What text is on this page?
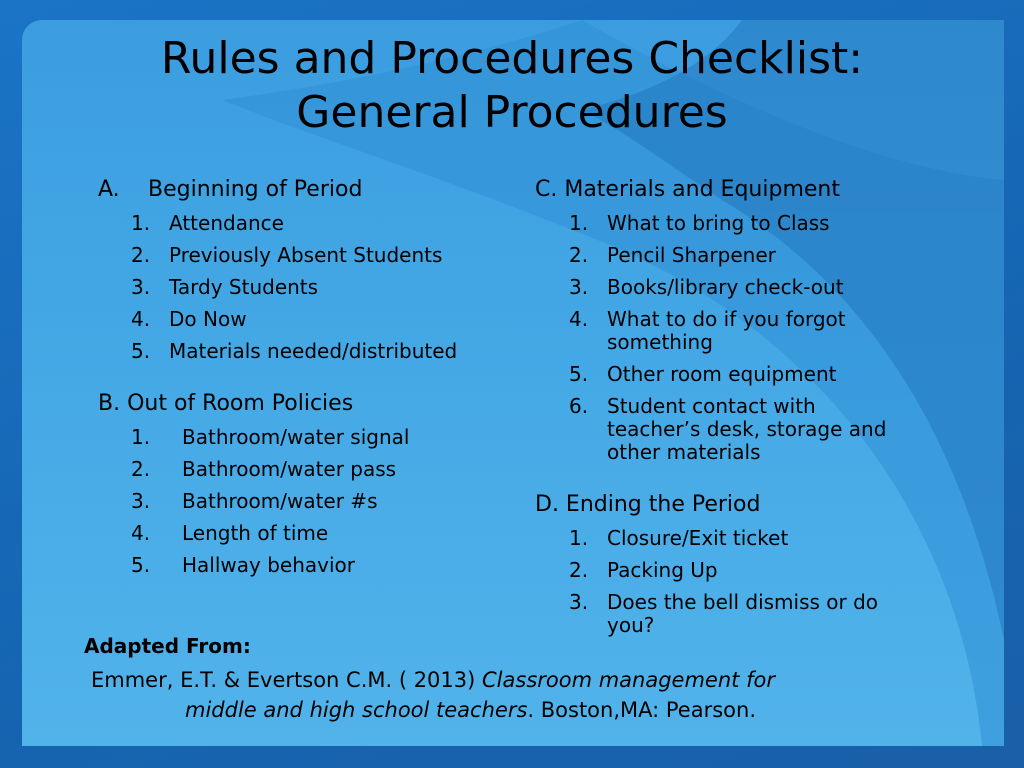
Rules and Procedures Checklist:
General Procedures
A. Beginning of Period
1. Attendance
2. Previously Absent Students
3. Tardy Students
4. Do Now
5. Materials needed/distributed
B. Out of Room Policies
1. Bathroom/water signal
2. Bathroom/water pass
3. Bathroom/water #s
4. Length of time
5. Hallway behavior
C. Materials and Equipment
1. What to bring to Class
2. Pencil Sharpener
3. Books/library check-out
4. What to do if you forgot
something
5. Other room equipment
6. Student contact with
teacher’s desk, storage and
other materials
D. Ending the Period
1. Closure/Exit ticket
2. Packing Up
3. Does the bell dismiss or do
you?
Adapted From:
Emmer, E.T. & Evertson C.M. ( 2013) Classroom management for
middle and high school teachers. Boston,MA: Pearson.
